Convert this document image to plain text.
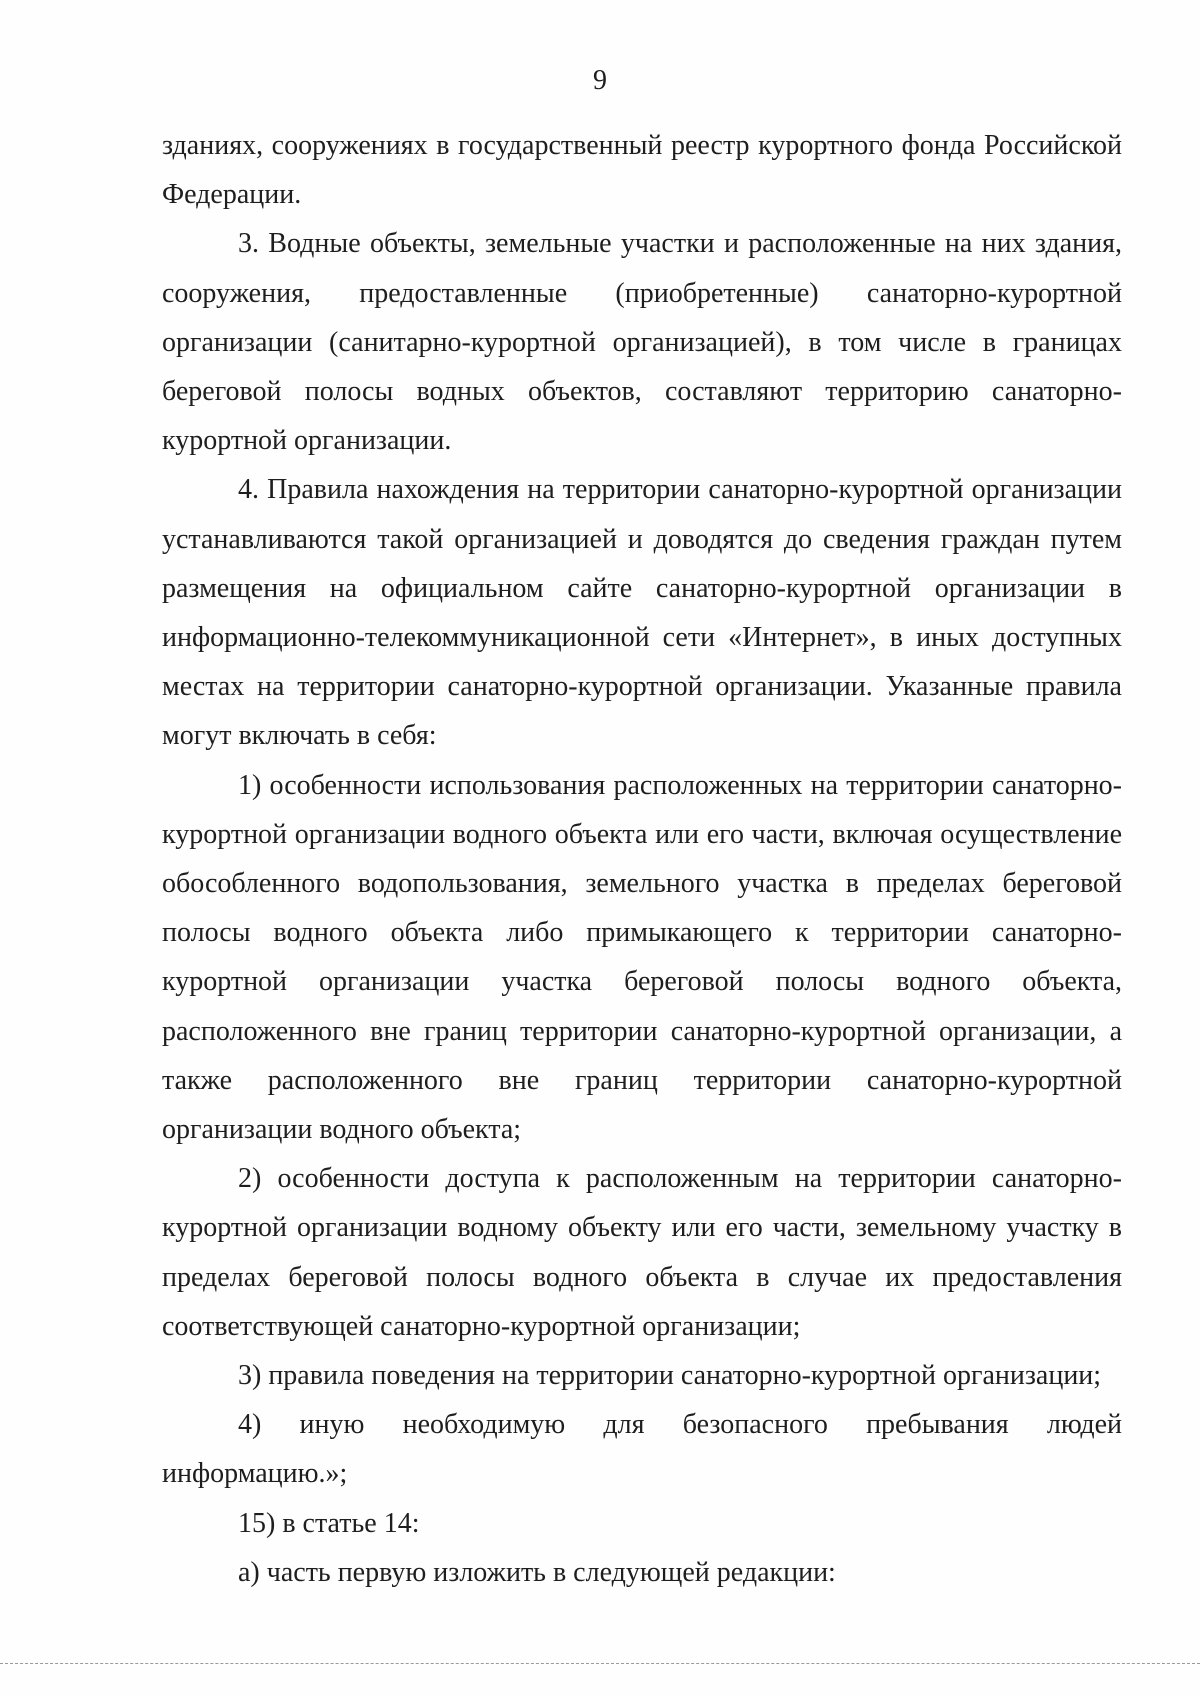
9

зданиях, сооружениях в государственный реестр курортного фонда Российской Федерации.

3. Водные объекты, земельные участки и расположенные на них здания, сооружения, предоставленные (приобретенные) санаторно-курортной организации (санитарно-курортной организацией), в том числе в границах береговой полосы водных объектов, составляют территорию санаторно-курортной организации.

4. Правила нахождения на территории санаторно-курортной организации устанавливаются такой организацией и доводятся до сведения граждан путем размещения на официальном сайте санаторно-курортной организации в информационно-телекоммуникационной сети «Интернет», в иных доступных местах на территории санаторно-курортной организации. Указанные правила могут включать в себя:

1) особенности использования расположенных на территории санаторно-курортной организации водного объекта или его части, включая осуществление обособленного водопользования, земельного участка в пределах береговой полосы водного объекта либо примыкающего к территории санаторно-курортной организации участка береговой полосы водного объекта, расположенного вне границ территории санаторно-курортной организации, а также расположенного вне границ территории санаторно-курортной организации водного объекта;

2) особенности доступа к расположенным на территории санаторно-курортной организации водному объекту или его части, земельному участку в пределах береговой полосы водного объекта в случае их предоставления соответствующей санаторно-курортной организации;

3) правила поведения на территории санаторно-курортной организации;

4) иную необходимую для безопасного пребывания людей информацию.»;

15) в статье 14:

а) часть первую изложить в следующей редакции:
